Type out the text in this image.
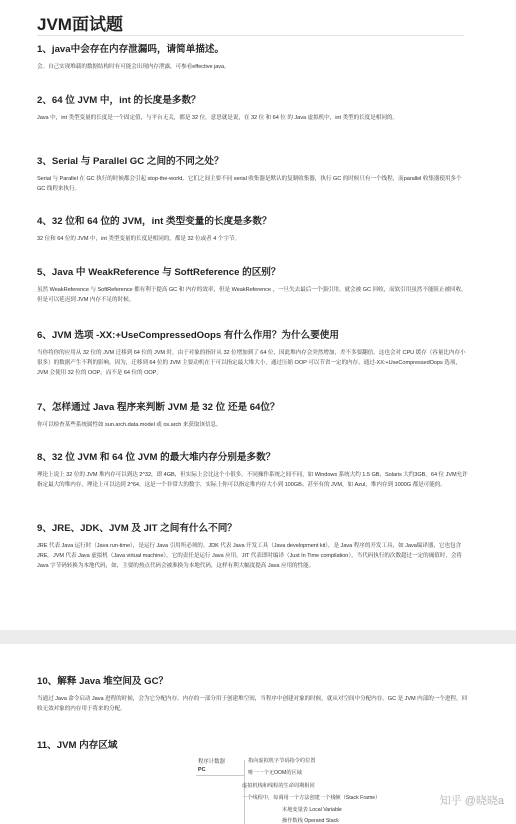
JVM面试题
1、java中会存在内存泄漏吗，请简单描述。

会。自己实现堆载的数据结构时有可能会出现内存泄露，可参看effective java。

2、64 位 JVM 中，int 的长度是多数？

Java 中，int 类型变量的长度是一个固定值，与平台无关，都是 32 位。意思就是说，在 32 位 和 64 位 的 Java 虚拟机中，int 类型的长度是相同的。

3、Serial 与 Parallel GC 之间的不同之处？

Serial 与 Parallel 在 GC 执行的时候都会引起 stop-the-world。它们之间主要不同 serial 收集器是默认的复制收集器，执行 GC 的时候只有一个线程，而parallel 收集器使用多个 GC 线程来执行。

4、32 位和 64 位的 JVM，int 类型变量的长度是多数？

32 位和 64 位的 JVM 中，int 类型变量的长度是相同的，都是 32 位或者 4 个字节。

5、Java 中 WeakReference 与 SoftReference 的区别？

虽然 WeakReference 与 SoftReference 都有利于提高 GC 和 内存的效率，但是 WeakReference ，一旦失去最后一个强引用，就会被 GC 回收，而软引用虽然不能阻止被回收，但是可以延迟到 JVM 内存不足的时候。

6、JVM 选项 -XX:+UseCompressedOops 有什么作用？为什么要使用

当你将你的应用从 32 位的 JVM 迁移到 64 位的 JVM 时，由于对象的指针从 32 位增加到了 64 位，因此堆内存会突然增加，差不多要翻倍。这也会对 CPU 缓存（容量比内存小很多）的数据产生不利的影响。因为，迁移到 64 位的 JVM 主要动机在于可以指定最大堆大小，通过压缩 OOP 可以节省一定的内存。通过-XX:+UseCompressedOops 选项，JVM 会使用 32 位的 OOP，而不是 64 位的 OOP。

7、怎样通过 Java 程序来判断 JVM 是 32 位 还是 64位？

你可以检查某些系统属性如 sun.arch.data.model 或 os.arch 来获取该信息。

8、32 位 JVM 和 64 位 JVM 的最大堆内存分别是多数？

理论上说上 32 位的 JVM 堆内存可以到达 2^32，即 4GB，但实际上会比这个小很多。不同操作系统之间不同，如 Windows 系统大约 1.5 GB，Solaris 大约3GB。64 位 JVM允许指定最大的堆内存，理论上可以达到 2^64，这是一个非常大的数字，实际上你可以指定堆内存大小到 100GB。甚至有的 JVM，如 Azul，堆内存到 1000G 都是可能的。

9、JRE、JDK、JVM 及 JIT 之间有什么不同？

JRE 代表 Java 运行时（Java run-time），是运行 Java 引用所必须的。JDK 代表 Java 开发工具（Java development kit），是 Java 程序的开发工具，如 Java编译器，它也包含 JRE。JVM 代表 Java 虚拟机（Java virtual machine），它的责任是运行 Java 应用。JIT 代表即时编译（Just In Time compilation），当代码执行的次数超过一定的阈值时，会将 Java 字节码转换为本地代码，如，主要的热点代码会被准换为本地代码，这样有利大幅度提高 Java 应用的性能。

10、解释 Java 堆空间及 GC？

当通过 Java 命令启动 Java 进程的时候，会为它分配内存。内存的一部分用于创建堆空间，当程序中创建对象的时候，就从对空间中分配内存。GC 是 JVM 内部的一个进程，回收无效对象的内存用于将来的分配。

11、JVM 内存区域
程序计数器
PC
指向虚拟机字节码指令的位置
唯一一个无OOM的区域
虚拟机栈和线程的生命周期相同
一个线程中，每调用一个方法创建一个栈帧（Stack Frame）
本地变量表 Local Variable
操作数栈 Operand Stack
知乎 @晓晓a
